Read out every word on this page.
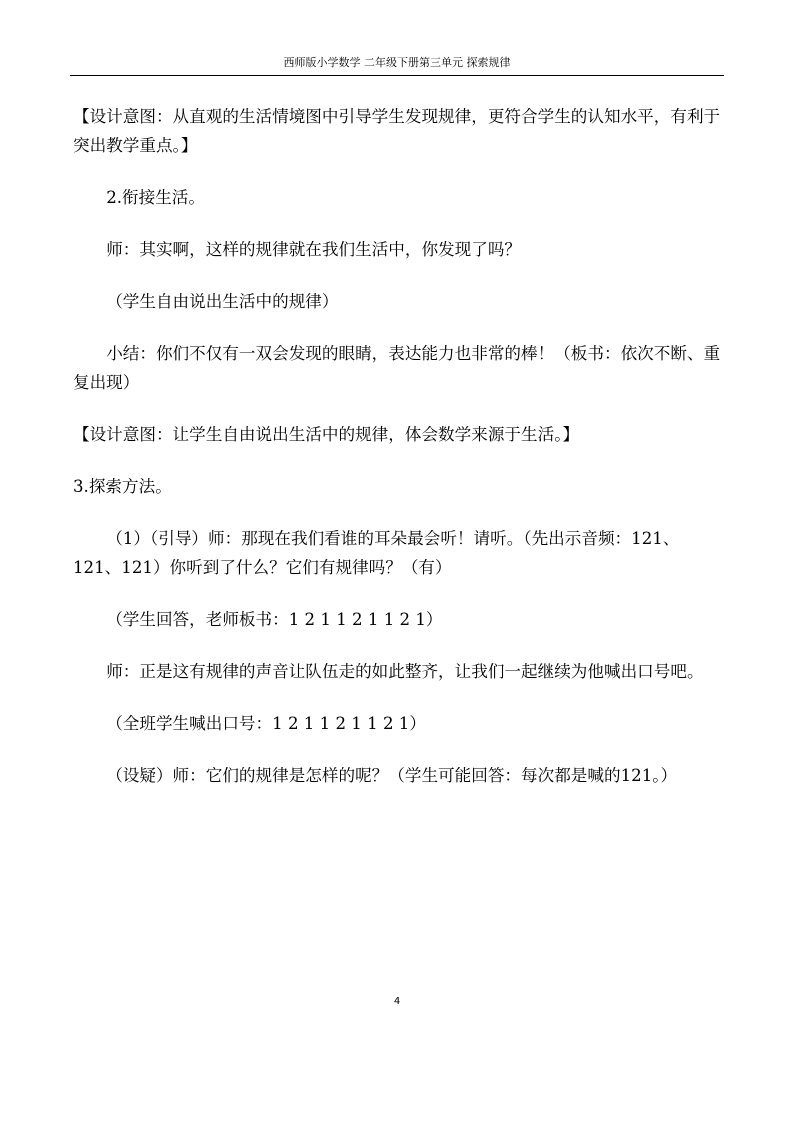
西师版小学数学 二年级下册第三单元 探索规律

【设计意图：从直观的生活情境图中引导学生发现规律，更符合学生的认知水平，有利于突出教学重点。】

2.衔接生活。

师：其实啊，这样的规律就在我们生活中，你发现了吗？

（学生自由说出生活中的规律）

小结：你们不仅有一双会发现的眼睛，表达能力也非常的棒！（板书：依次不断、重复出现）

【设计意图：让学生自由说出生活中的规律，体会数学来源于生活。】

3.探索方法。

（1）（引导）师：那现在我们看谁的耳朵最会听！请听。（先出示音频：121、121、121）你听到了什么？它们有规律吗？（有）

（学生回答，老师板书：1 2 1 1 2 1 1 2 1）

师：正是这有规律的声音让队伍走的如此整齐，让我们一起继续为他喊出口号吧。

（全班学生喊出口号：1 2 1 1 2 1 1 2 1）

（设疑）师：它们的规律是怎样的呢？（学生可能回答：每次都是喊的121。）

4
